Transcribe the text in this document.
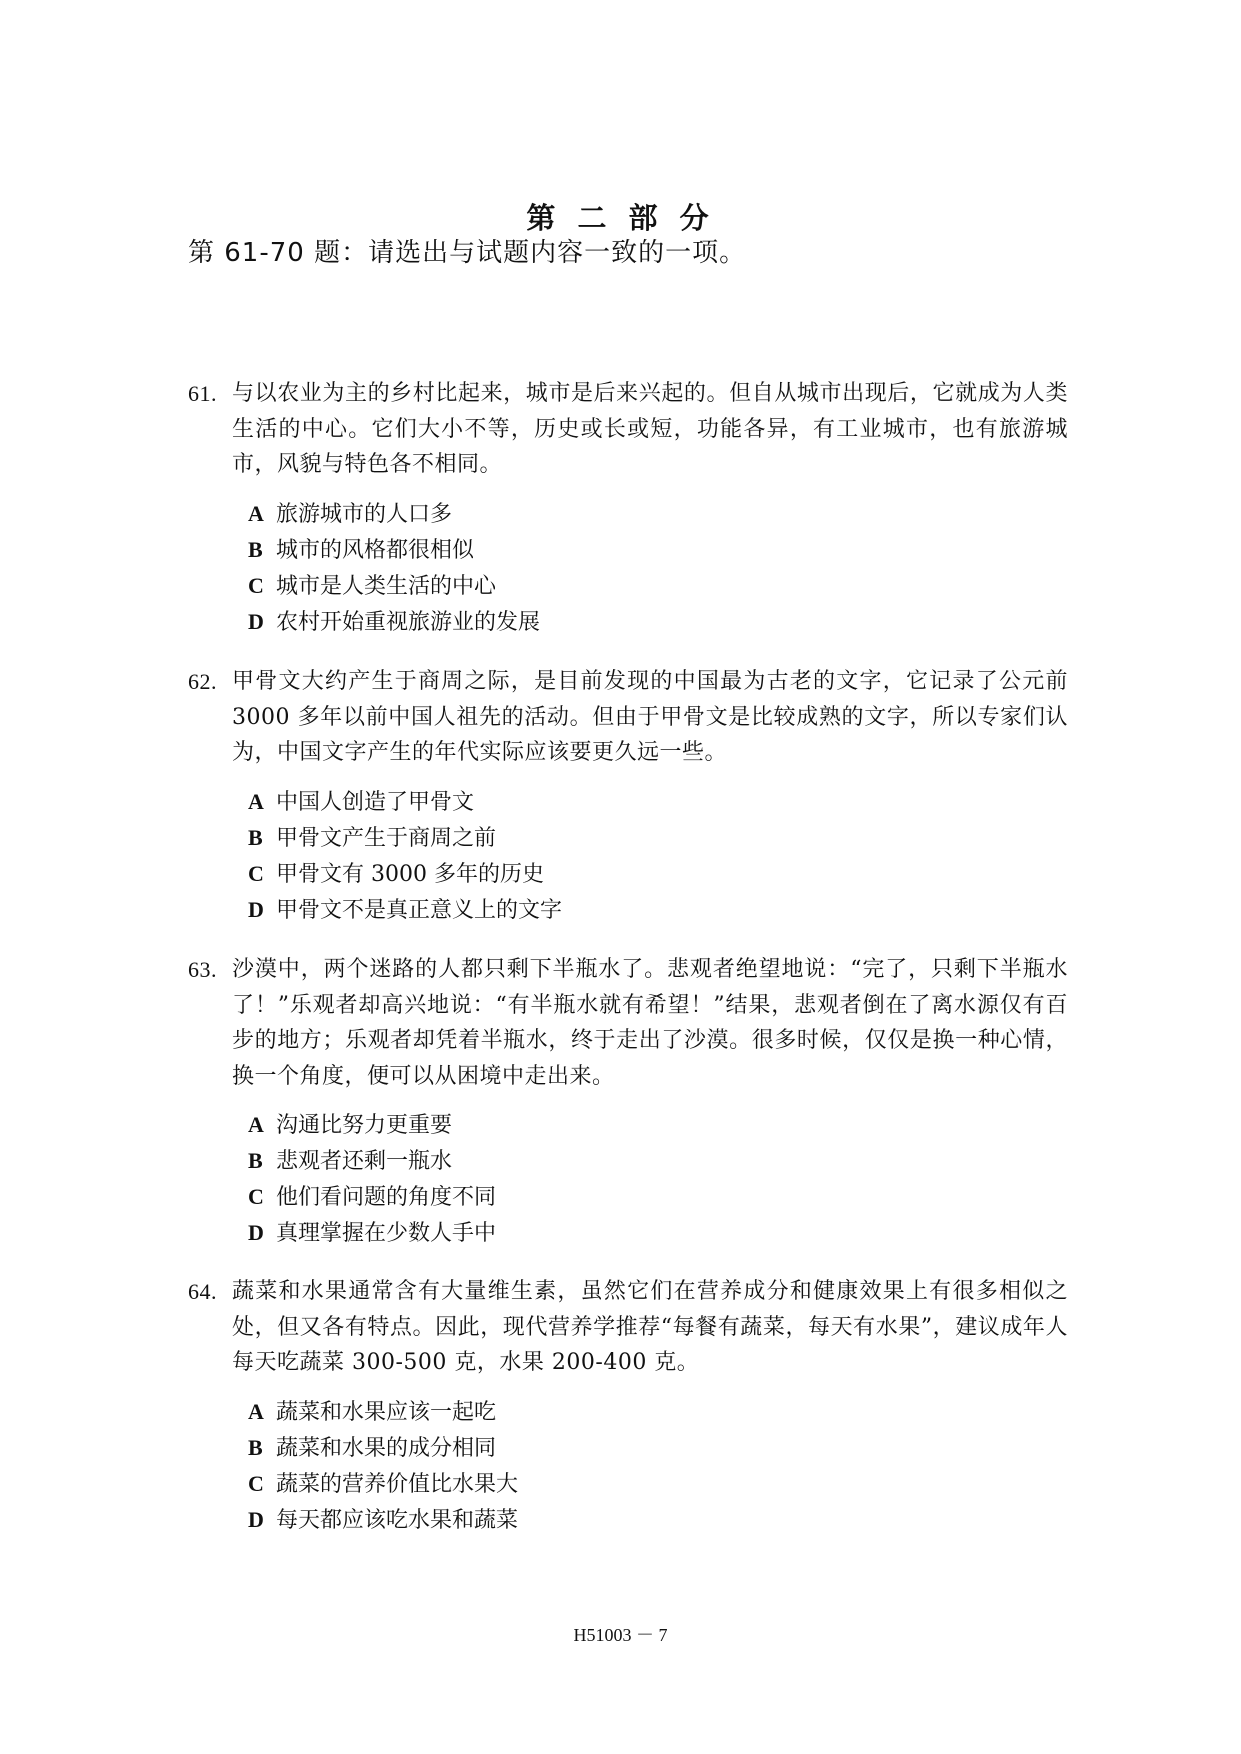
第 二 部 分
第 61-70 题：请选出与试题内容一致的一项。
61. 与以农业为主的乡村比起来，城市是后来兴起的。但自从城市出现后，它就成为人类生活的中心。它们大小不等，历史或长或短，功能各异，有工业城市，也有旅游城市，风貌与特色各不相同。
A 旅游城市的人口多
B 城市的风格都很相似
C 城市是人类生活的中心
D 农村开始重视旅游业的发展
62. 甲骨文大约产生于商周之际，是目前发现的中国最为古老的文字，它记录了公元前 3000 多年以前中国人祖先的活动。但由于甲骨文是比较成熟的文字，所以专家们认为，中国文字产生的年代实际应该要更久远一些。
A 中国人创造了甲骨文
B 甲骨文产生于商周之前
C 甲骨文有 3000 多年的历史
D 甲骨文不是真正意义上的文字
63. 沙漠中，两个迷路的人都只剩下半瓶水了。悲观者绝望地说：“完了，只剩下半瓶水了！”乐观者却高兴地说：“有半瓶水就有希望！”结果，悲观者倒在了离水源仅有百步的地方；乐观者却凭着半瓶水，终于走出了沙漠。很多时候，仅仅是换一种心情，换一个角度，便可以从困境中走出来。
A 沟通比努力更重要
B 悲观者还剩一瓶水
C 他们看问题的角度不同
D 真理掌握在少数人手中
64. 蔬菜和水果通常含有大量维生素，虽然它们在营养成分和健康效果上有很多相似之处，但又各有特点。因此，现代营养学推荐“每餐有蔬菜，每天有水果”，建议成年人每天吃蔬菜 300-500 克，水果 200-400 克。
A 蔬菜和水果应该一起吃
B 蔬菜和水果的成分相同
C 蔬菜的营养价值比水果大
D 每天都应该吃水果和蔬菜
H51003 － 7
